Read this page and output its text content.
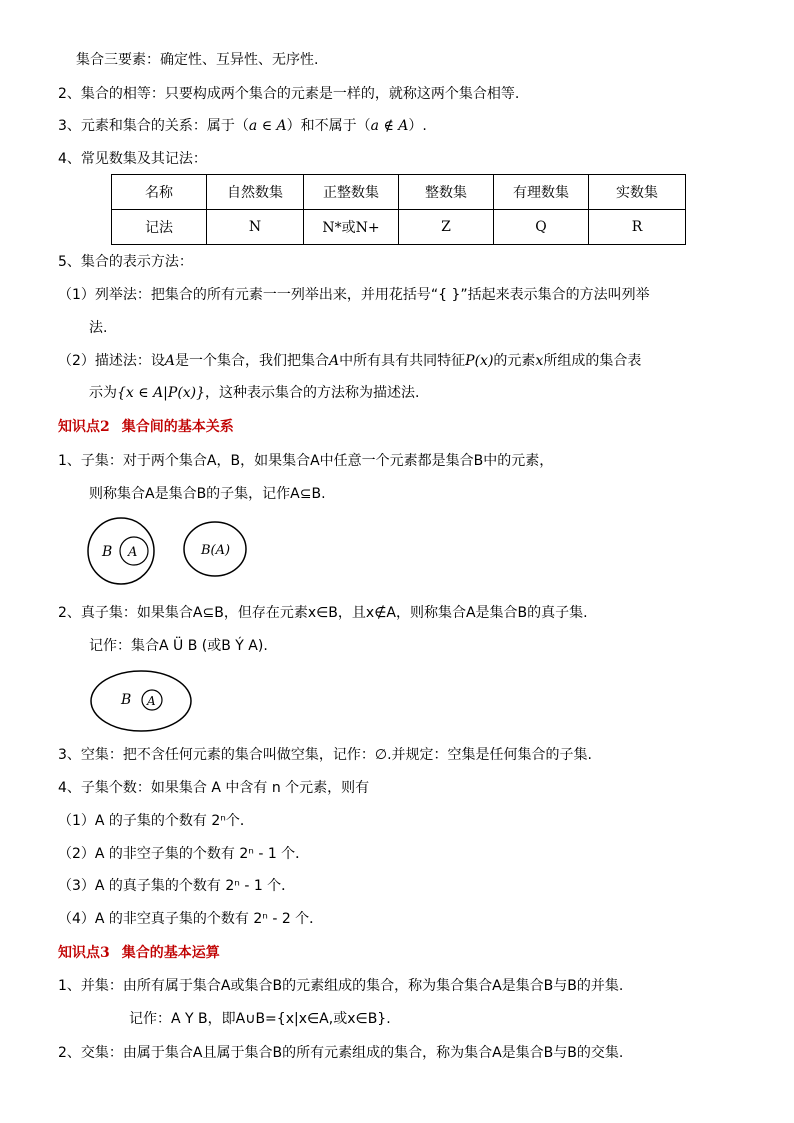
集合三要素：确定性、互异性、无序性.
2、集合的相等：只要构成两个集合的元素是一样的，就称这两个集合相等.
3、元素和集合的关系：属于（a ∈ A）和不属于（a ∉ A）.
4、常见数集及其记法：
名称	自然数集	正整数集	整数集	有理数集	实数集
记法	N	N*或N+	Z	Q	R
5、集合的表示方法：
（1）列举法：把集合的所有元素一一列举出来，并用花括号“{ }”括起来表示集合的方法叫列举
法.
（2）描述法：设A是一个集合，我们把集合A中所有具有共同特征P(x)的元素x所组成的集合表
示为{x ∈ A|P(x)}，这种表示集合的方法称为描述法.
知识点2 集合间的基本关系
1、子集：对于两个集合A，B，如果集合A中任意一个元素都是集合B中的元素，
则称集合A是集合B的子集，记作A⊆B.
B A	B(A)
2、真子集：如果集合A⊆B，但存在元素x∈B，且x∉A，则称集合A是集合B的真子集.
记作：集合A Ü B (或B Ý A).
B A
3、空集：把不含任何元素的集合叫做空集，记作：∅.并规定：空集是任何集合的子集.
4、子集个数：如果集合 A 中含有 n 个元素，则有
（1）A 的子集的个数有 2ⁿ个．
（2）A 的非空子集的个数有 2ⁿ - 1 个．
（3）A 的真子集的个数有 2ⁿ - 1 个．
（4）A 的非空真子集的个数有 2ⁿ - 2 个．
知识点3 集合的基本运算
1、并集：由所有属于集合A或集合B的元素组成的集合，称为集合集合A是集合B与B的并集.
记作：A Y B，即A∪B={x|x∈A,或x∈B}.
2、交集：由属于集合A且属于集合B的所有元素组成的集合，称为集合A是集合B与B的交集.
